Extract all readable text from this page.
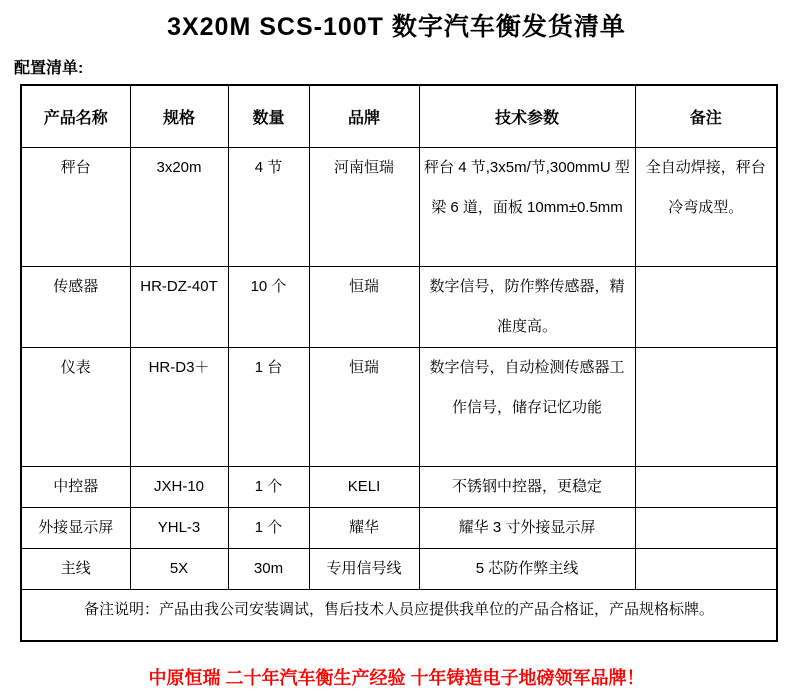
3X20M SCS-100T 数字汽车衡发货清单
配置清单:
产品名称	规格	数量	品牌	技术参数	备注
秤台	3x20m	4 节	河南恒瑞	秤台 4 节,3x5m/节,300mmU 型梁 6 道，面板 10mm±0.5mm	全自动焊接，秤台冷弯成型。
传感器	HR-DZ-40T	10 个	恒瑞	数字信号，防作弊传感器，精准度高。	
仪表	HR-D3＋	1 台	恒瑞	数字信号，自动检测传感器工作信号，储存记忆功能	
中控器	JXH-10	1 个	KELI	不锈钢中控器，更稳定	
外接显示屏	YHL-3	1 个	耀华	耀华 3 寸外接显示屏	
主线	5X	30m	专用信号线	5 芯防作弊主线	
备注说明：产品由我公司安装调试，售后技术人员应提供我单位的产品合格证，产品规格标牌。					
中原恒瑞 二十年汽车衡生产经验 十年铸造电子地磅领军品牌！
